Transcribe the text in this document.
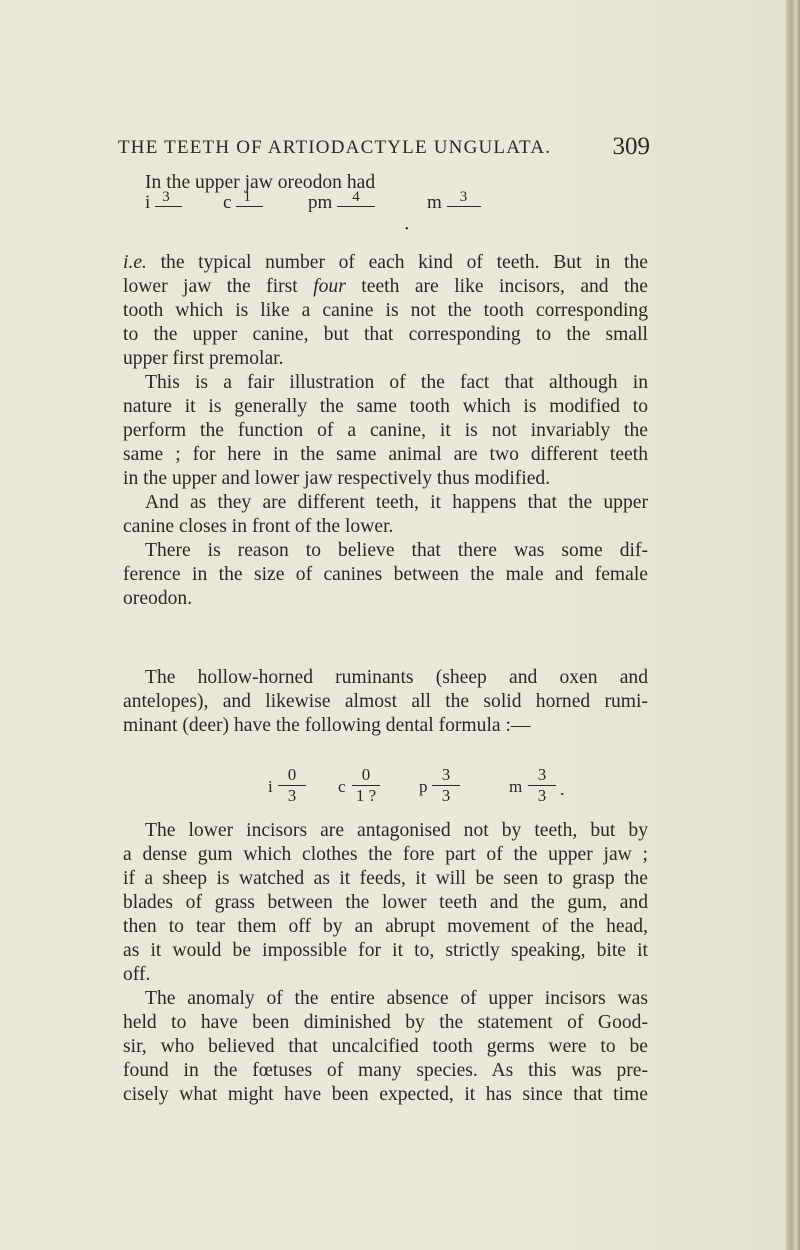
THE TEETH OF ARTIODACTYLE UNGULATA. 309
In the upper jaw oreodon had
i 3	c 1	pm 4	m 3
•
i.e. the typical number of each kind of teeth. But in the
lower jaw the first four teeth are like incisors, and the
tooth which is like a canine is not the tooth corresponding
to the upper canine, but that corresponding to the small
upper first premolar.
This is a fair illustration of the fact that although in
nature it is generally the same tooth which is modified to
perform the function of a canine, it is not invariably the
same ; for here in the same animal are two different teeth
in the upper and lower jaw respectively thus modified.
And as they are different teeth, it happens that the upper
canine closes in front of the lower.
There is reason to believe that there was some dif-
ference in the size of canines between the male and female
oreodon.
The hollow-horned ruminants (sheep and oxen and
antelopes), and likewise almost all the solid horned rumi-
minant (deer) have the following dental formula :—
i $\frac{0}{3}$ c $\frac{0}{1 ?}$ p
$\frac{3}{3}$	m $\frac{3}{3}$
.
The lower incisors are antagonised not by teeth, but by
a dense gum which clothes the fore part of the upper jaw ;
if a sheep is watched as it feeds, it will be seen to grasp the
blades of grass between the lower teeth and the gum, and
then to tear them off by an abrupt movement of the head,
as it would be impossible for it to, strictly speaking, bite it
off.
The anomaly of the entire absence of upper incisors was
held to have been diminished by the statement of Good-
sir, who believed that uncalcified tooth germs were to be
found in the fœtuses of many species. As this was pre-
cisely what might have been expected, it has since that time
